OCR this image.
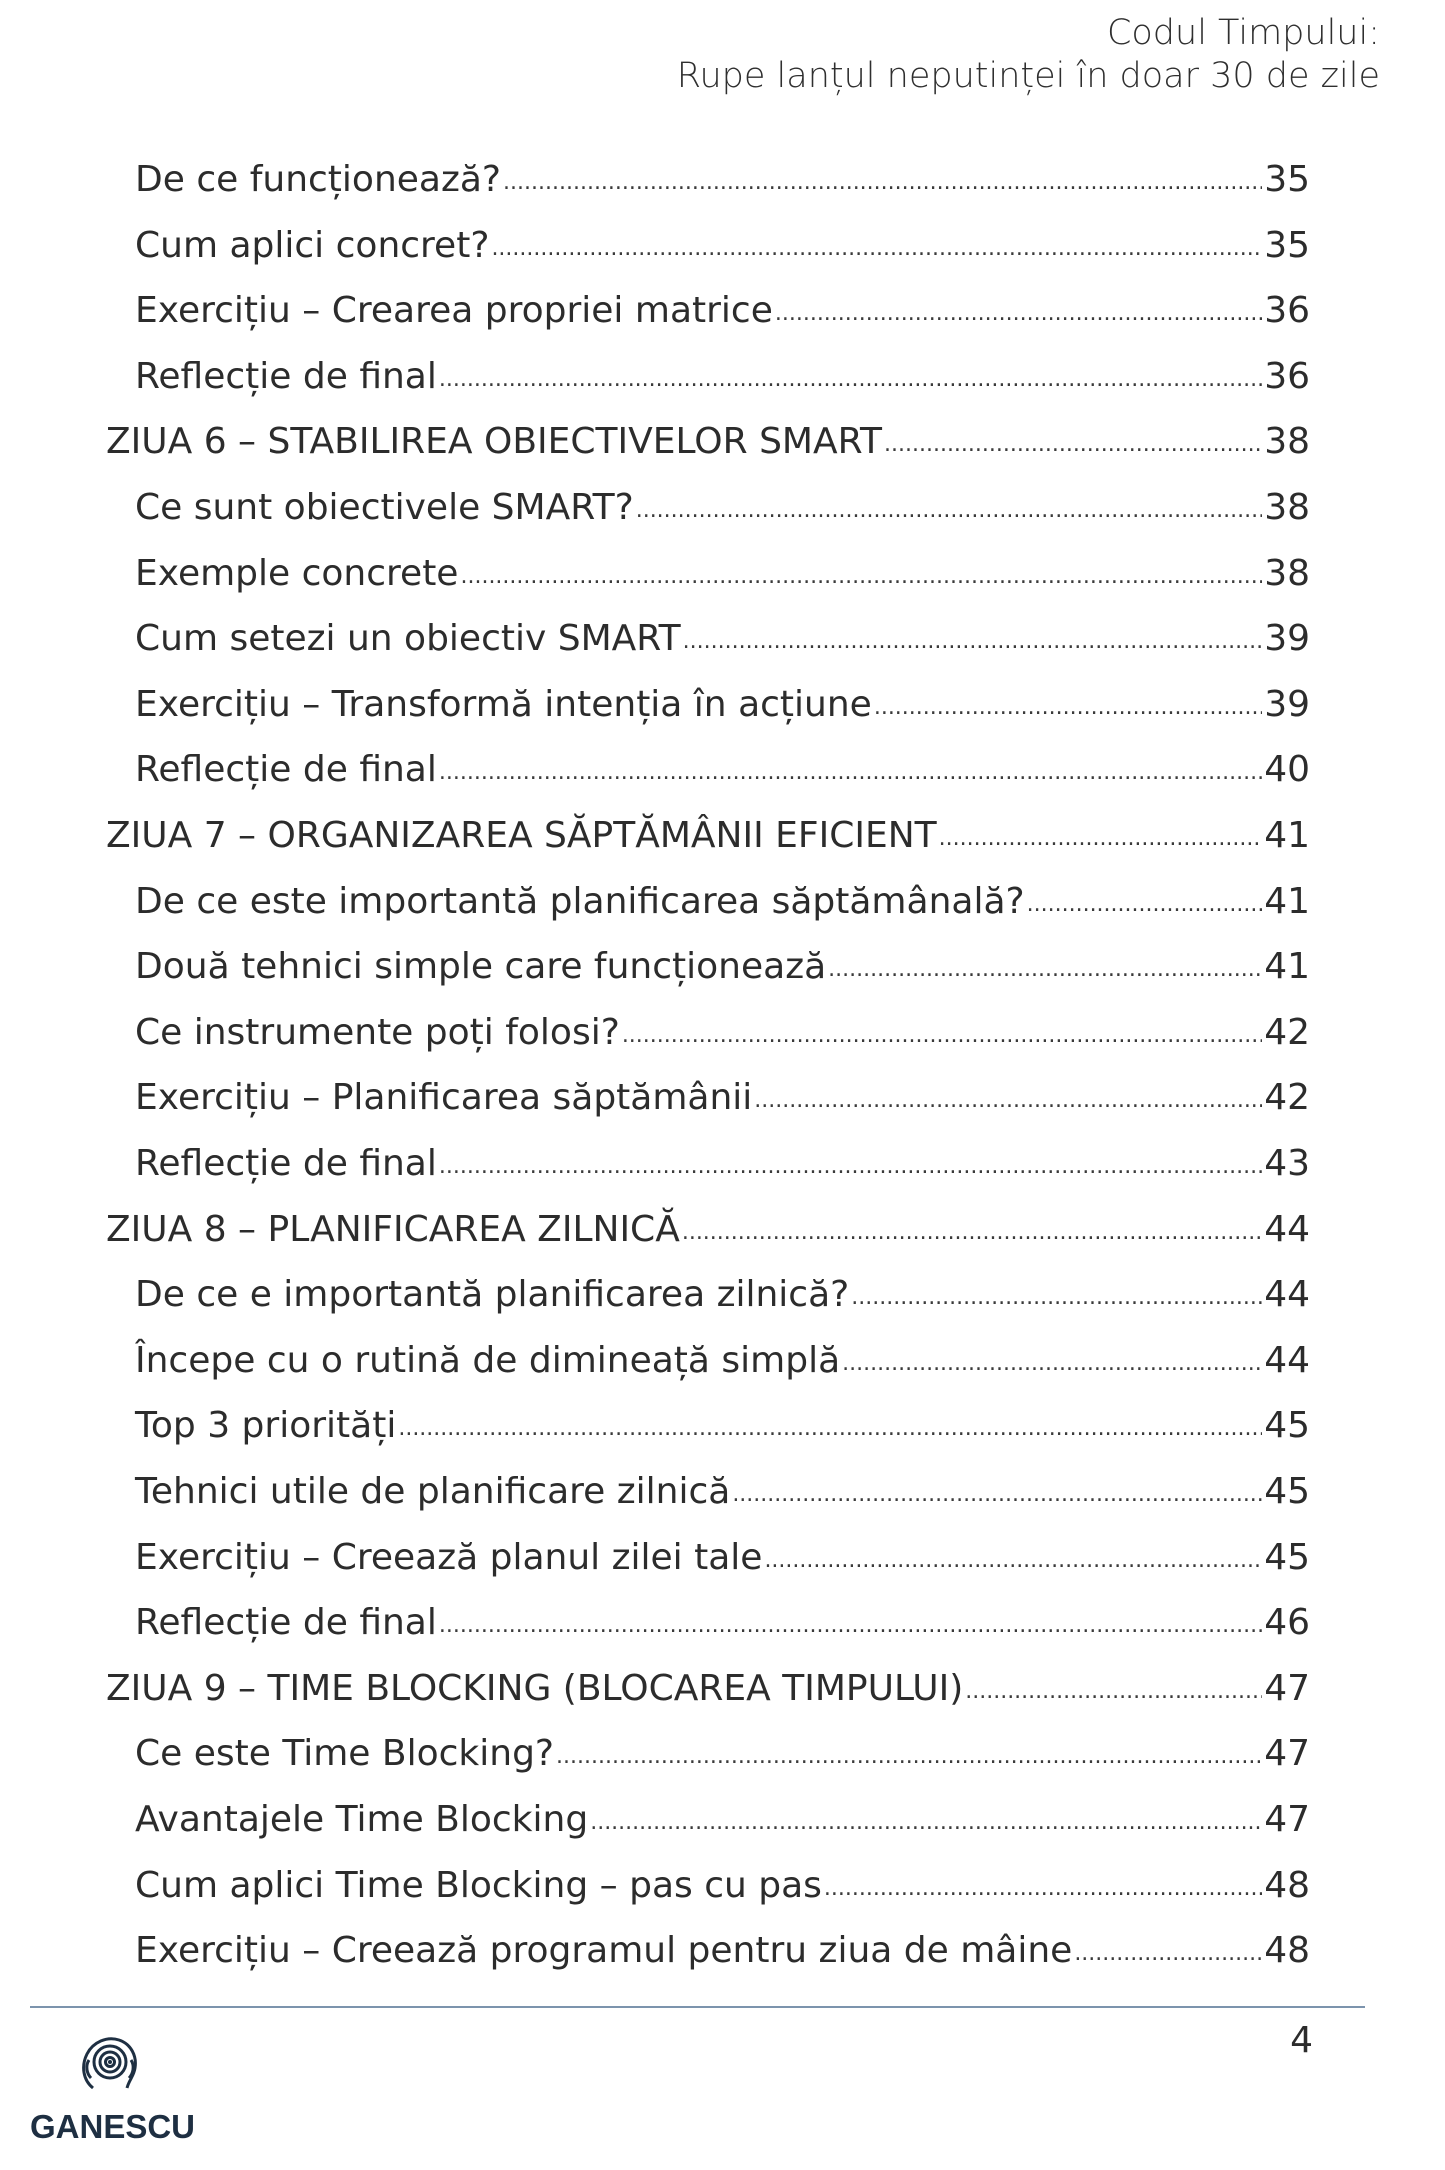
Codul Timpului:
Rupe lanțul neputinței în doar 30 de zile
De ce funcționează? .....	35
Cum aplici concret? .....	35
Exercițiu – Crearea propriei matrice .....	36
Reflecție de final .....	36
ZIUA 6 – STABILIREA OBIECTIVELOR SMART .....	38
Ce sunt obiectivele SMART? .....	38
Exemple concrete .....	38
Cum setezi un obiectiv SMART .....	39
Exercițiu – Transformă intenția în acțiune .....	39
Reflecție de final .....	40
ZIUA 7 – ORGANIZAREA SĂPTĂMÂNII EFICIENT .....	41
De ce este importantă planificarea săptămânală? .....	41
Două tehnici simple care funcționează .....	41
Ce instrumente poți folosi? .....	42
Exercițiu – Planificarea săptămânii .....	42
Reflecție de final .....	43
ZIUA 8 – PLANIFICAREA ZILNICĂ .....	44
De ce e importantă planificarea zilnică? .....	44
Începe cu o rutină de dimineață simplă .....	44
Top 3 priorități .....	45
Tehnici utile de planificare zilnică .....	45
Exercițiu – Creează planul zilei tale .....	45
Reflecție de final .....	46
ZIUA 9 – TIME BLOCKING (BLOCAREA TIMPULUI) .....	47
Ce este Time Blocking? .....	47
Avantajele Time Blocking .....	47
Cum aplici Time Blocking – pas cu pas .....	48
Exercițiu – Creează programul pentru ziua de mâine .....	48
4
GANESCU
